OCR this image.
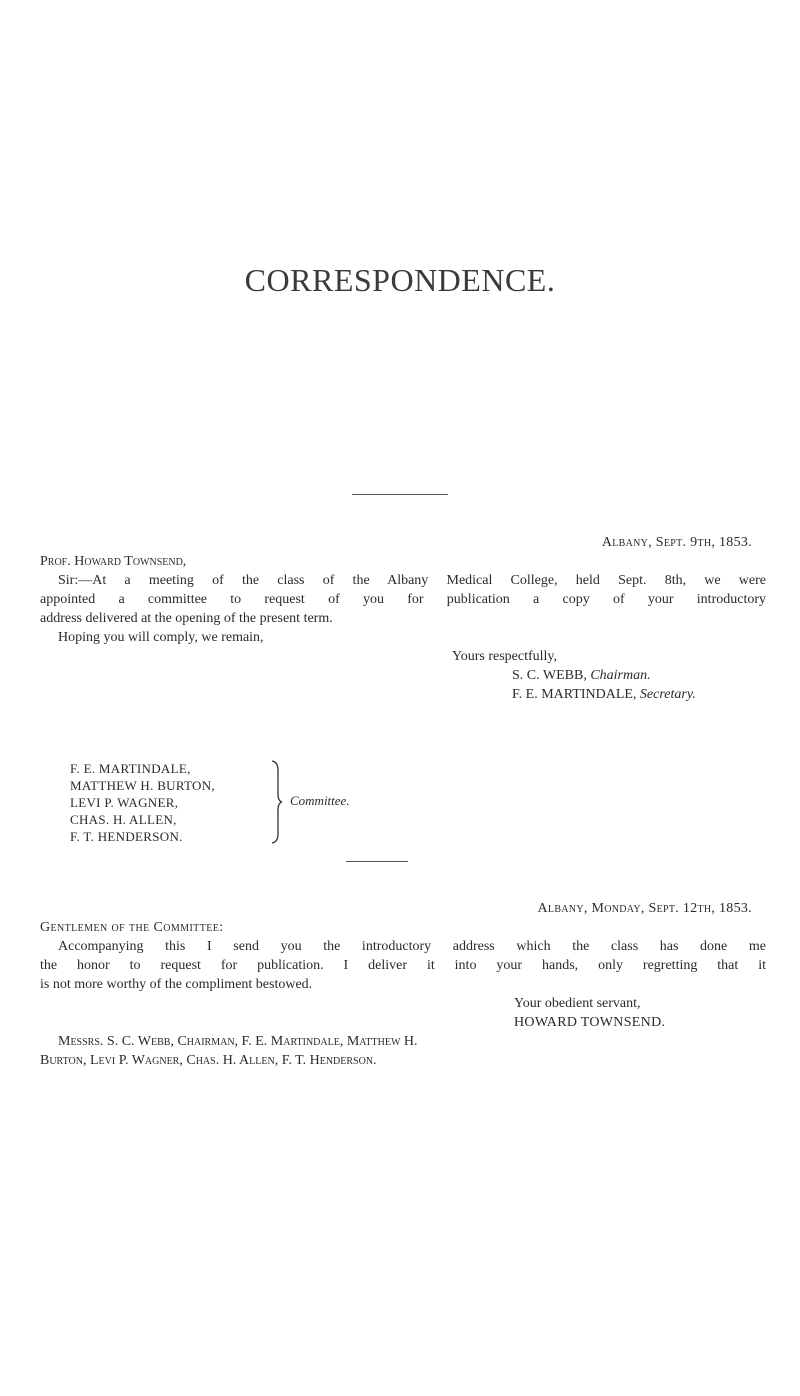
CORRESPONDENCE.
Albany, Sept. 9th, 1853.
Prof. Howard Townsend,
Sir:—At a meeting of the class of the Albany Medical College, held Sept. 8th, we were
appointed a committee to request of you for publication a copy of your introductory
address delivered at the opening of the present term.
Hoping you will comply, we remain,
Yours respectfully,
S. C. WEBB, Chairman.
F. E. MARTINDALE, Secretary.
F. E. MARTINDALE,
MATTHEW H. BURTON,
LEVI P. WAGNER,
CHAS. H. ALLEN,
F. T. HENDERSON.
Committee.
Albany, Monday, Sept. 12th, 1853.
Gentlemen of the Committee:
Accompanying this I send you the introductory address which the class has done me
the honor to request for publication. I deliver it into your hands, only regretting that it
is not more worthy of the compliment bestowed.
Your obedient servant,
HOWARD TOWNSEND.
Messrs. S. C. Webb, Chairman, F. E. Martindale, Matthew H.
Burton, Levi P. Wagner, Chas. H. Allen, F. T. Henderson.
